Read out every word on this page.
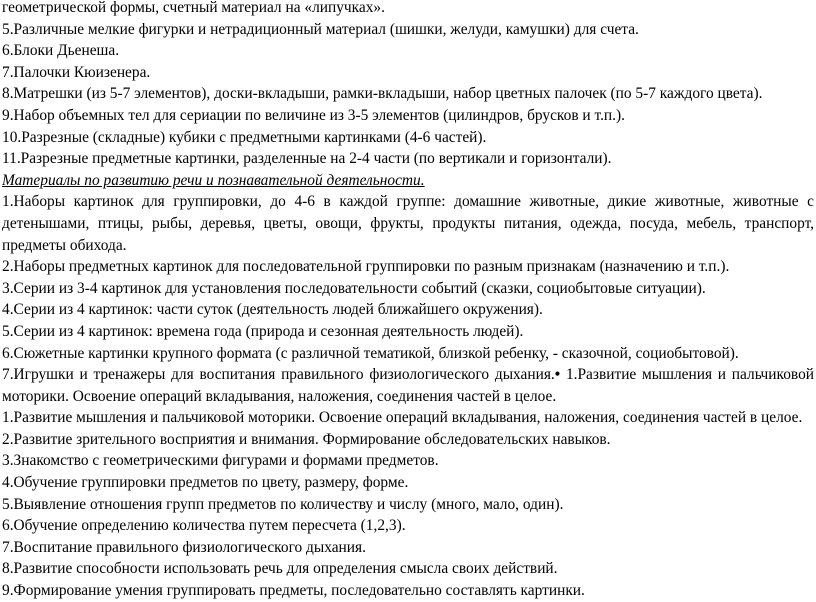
геометрической формы, счетный материал на «липучках».
5.Различные мелкие фигурки и нетрадиционный материал (шишки, желуди, камушки) для счета.
6.Блоки Дьенеша.
7.Палочки Кюизенера.
8.Матрешки (из 5-7 элементов), доски-вкладыши, рамки-вкладыши, набор цветных палочек (по 5-7 каждого цвета).
9.Набор объемных тел для сериации по величине из 3-5 элементов (цилиндров, брусков и т.п.).
10.Разрезные (складные) кубики с предметными картинками (4-6 частей).
11.Разрезные предметные картинки, разделенные на 2-4 части (по вертикали и горизонтали).
Материалы по развитию речи и познавательной деятельности.
1.Наборы картинок для группировки, до 4-6 в каждой группе: домашние животные, дикие животные, животные с детенышами, птицы, рыбы, деревья, цветы, овощи, фрукты, продукты питания, одежда, посуда, мебель, транспорт, предметы обихода.
2.Наборы предметных картинок для последовательной группировки по разным признакам (назначению и т.п.).
3.Серии из 3-4 картинок для установления последовательности событий (сказки, социобытовые ситуации).
4.Серии из 4 картинок: части суток (деятельность людей ближайшего окружения).
5.Серии из 4 картинок: времена года (природа и сезонная деятельность людей).
6.Сюжетные картинки крупного формата (с различной тематикой, близкой ребенку, - сказочной, социобытовой).
7.Игрушки и тренажеры для воспитания правильного физиологического дыхания.• 1.Развитие мышления и пальчиковой моторики. Освоение операций вкладывания, наложения, соединения частей в целое.
1.Развитие мышления и пальчиковой моторики. Освоение операций вкладывания, наложения, соединения частей в целое.
2.Развитие зрительного восприятия и внимания. Формирование обследовательских навыков.
3.Знакомство с геометрическими фигурами и формами предметов.
4.Обучение группировки предметов по цвету, размеру, форме.
5.Выявление отношения групп предметов по количеству и числу (много, мало, один).
6.Обучение определению количества путем пересчета (1,2,3).
7.Воспитание правильного физиологического дыхания.
8.Развитие способности использовать речь для определения смысла своих действий.
9.Формирование умения группировать предметы, последовательно составлять картинки.
